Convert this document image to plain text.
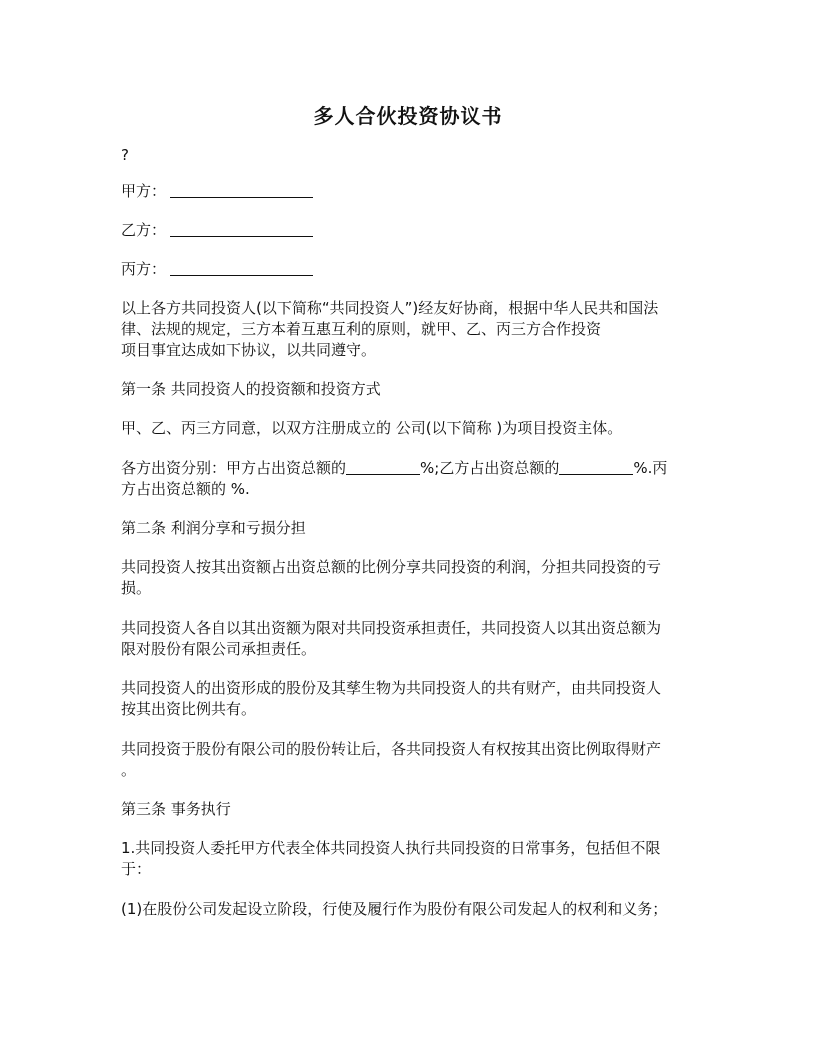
多人合伙投资协议书
?
甲方：
乙方：
丙方：
以上各方共同投资人(以下简称“共同投资人”)经友好协商，根据中华人民共和国法
律、法规的规定，三方本着互惠互利的原则，就甲、乙、丙三方合作投资
项目事宜达成如下协议，以共同遵守。
第一条 共同投资人的投资额和投资方式
甲、乙、丙三方同意，以双方注册成立的 公司(以下简称 )为项目投资主体。
各方出资分别：甲方占出资总额的	%;乙方占出资总额的	%.丙
方占出资总额的 %.
第二条 利润分享和亏损分担
共同投资人按其出资额占出资总额的比例分享共同投资的利润，分担共同投资的亏
损。
共同投资人各自以其出资额为限对共同投资承担责任，共同投资人以其出资总额为
限对股份有限公司承担责任。
共同投资人的出资形成的股份及其孳生物为共同投资人的共有财产，由共同投资人
按其出资比例共有。
共同投资于股份有限公司的股份转让后，各共同投资人有权按其出资比例取得财产
。
第三条 事务执行
1.共同投资人委托甲方代表全体共同投资人执行共同投资的日常事务，包括但不限
于：
(1)在股份公司发起设立阶段，行使及履行作为股份有限公司发起人的权利和义务；
